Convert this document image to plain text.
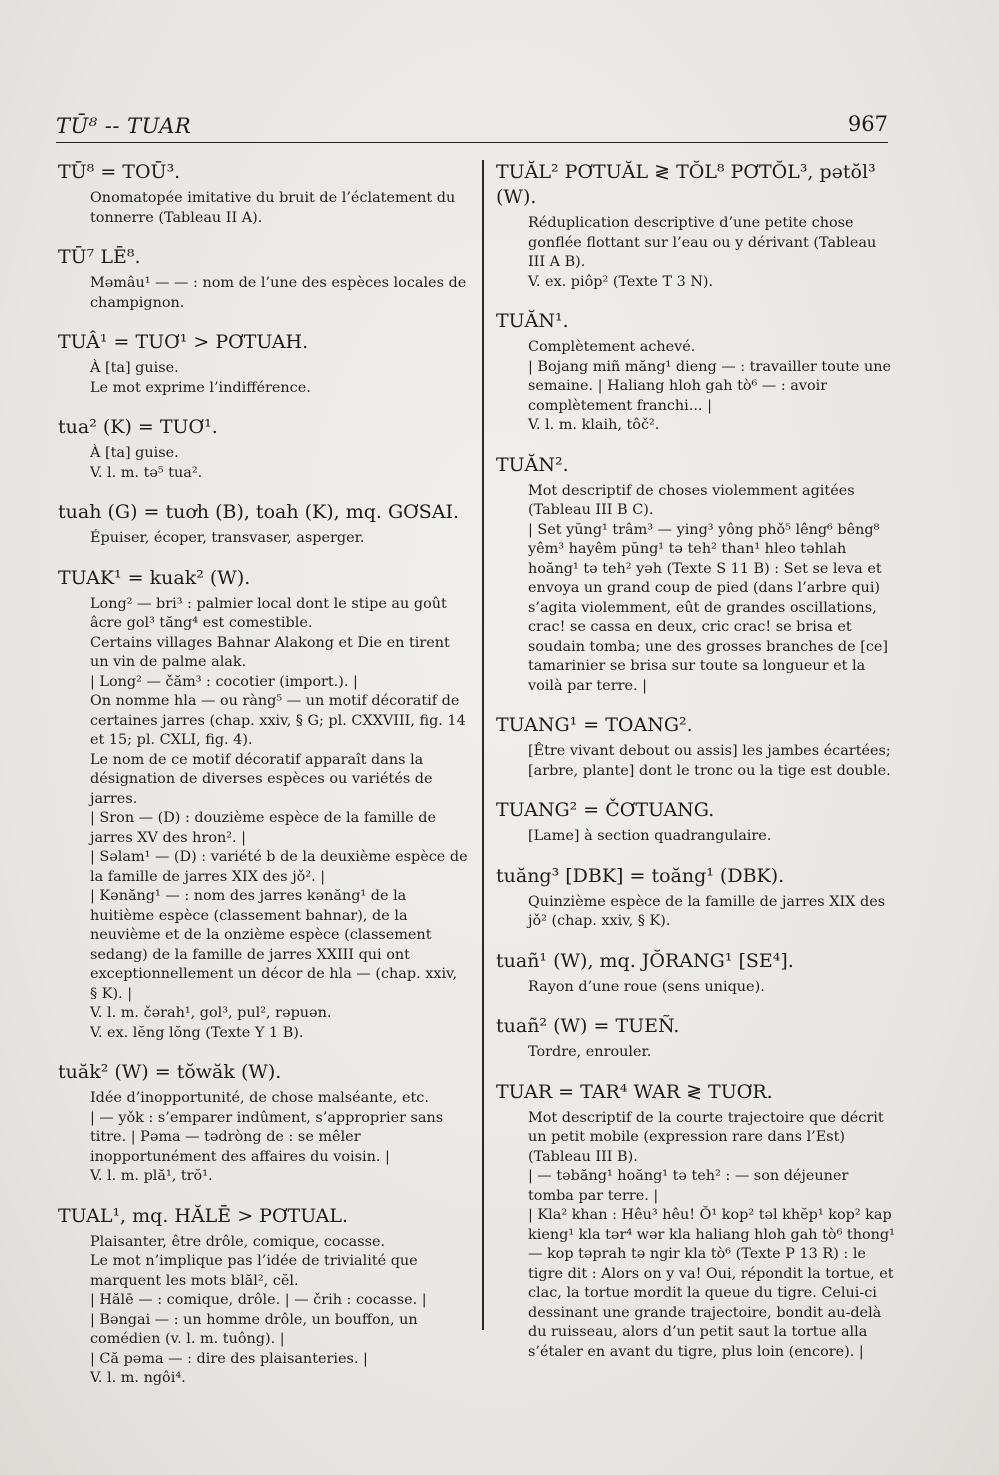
TŪ⁸ -- TUAR	967
TŪ⁸ = TOŪ³.

Onomatopée imitative du bruit de l’éclatement du tonnerre (Tableau II A).

TŪ⁷ LĒ⁸.

Məmâu¹ — — : nom de l’une des espèces locales de champignon.

TUÂ¹ = TUƠ¹ > PƠTUAH.

À [ta] guise.

Le mot exprime l’indifférence.

tua² (K) = TUƠ¹.

À [ta] guise.

V. l. m. tə⁵ tua².

tuah (G) = tuơh (B), toah (K), mq. GƠSAI.

Épuiser, écoper, transvaser, asperger.

TUAK¹ = kuak² (W).

Long² — bri³ : palmier local dont le stipe au goût âcre gol³ tăng⁴ est comestible.

Certains villages Bahnar Alakong et Die en tirent un vin de palme alak.

| Long² — čăm³ : cocotier (import.). |

On nomme hla — ou ràng⁵ — un motif décoratif de certaines jarres (chap. xxiv, § G; pl. CXXVIII, fig. 14 et 15; pl. CXLI, fig. 4).

Le nom de ce motif décoratif apparaît dans la désignation de diverses espèces ou variétés de jarres.

| Sron — (D) : douzième espèce de la famille de jarres XV des hron². |

| Səlam¹ — (D) : variété b de la deuxième espèce de la famille de jarres XIX des jǒ². |

| Kənăng¹ — : nom des jarres kənăng¹ de la huitième espèce (classement bahnar), de la neuvième et de la onzième espèce (classement sedang) de la famille de jarres XXIII qui ont exceptionnellement un décor de hla — (chap. xxiv, § K). |

V. l. m. čərah¹, gol³, pul², rəpuən.

V. ex. lĕng lŏng (Texte Y 1 B).

tuăk² (W) = tŏwăk (W).

Idée d’inopportunité, de chose malséante, etc.

| — yǒk : s’emparer indûment, s’approprier sans titre. | Pəma — tədròng de : se mêler inopportunément des affaires du voisin. |

V. l. m. plă¹, trŏ¹.

TUAL¹, mq. HĂLĒ > PƠTUAL.

Plaisanter, être drôle, comique, cocasse.

Le mot n’implique pas l’idée de trivialité que marquent les mots blăl², cĕl.

| Hălē — : comique, drôle. | — črih : cocasse. |

| Bəngai — : un homme drôle, un bouffon, un comédien (v. l. m. tuông). |

| Că pəma — : dire des plaisanteries. |

V. l. m. ngôi⁴.

TUĂL² PƠTUĂL ≷ TŎL⁸ PƠTŎL³, pətŏl³ (W).

Réduplication descriptive d’une petite chose gonflée flottant sur l’eau ou y dérivant (Tableau III A B).

V. ex. piôp² (Texte T 3 N).

TUĂN¹.

Complètement achevé.

| Bojang miñ măng¹ dieng — : travailler toute une semaine. | Haliang hloh gah tò⁶ — : avoir complètement franchi... |

V. l. m. klaih, tôč².

TUĂN².

Mot descriptif de choses violemment agitées (Tableau III B C).

| Set yŭng¹ trâm³ — ying³ yông phǒ⁵ lêng⁶ bêng⁸ yêm³ hayêm pŭng¹ tə teh² than¹ hleo təhlah hoăng¹ tə teh² yəh (Texte S 11 B) : Set se leva et envoya un grand coup de pied (dans l’arbre qui) s’agita violemment, eût de grandes oscillations, crac! se cassa en deux, cric crac! se brisa et soudain tomba; une des grosses branches de [ce] tamarinier se brisa sur toute sa longueur et la voilà par terre. |

TUANG¹ = TOANG².

[Être vivant debout ou assis] les jambes écartées; [arbre, plante] dont le tronc ou la tige est double.

TUANG² = ČƠTUANG.

[Lame] à section quadrangulaire.

tuăng³ [DBK] = toăng¹ (DBK).

Quinzième espèce de la famille de jarres XIX des jǒ² (chap. xxiv, § K).

tuañ¹ (W), mq. JŎRANG¹ [SE⁴].

Rayon d’une roue (sens unique).

tuañ² (W) = TUEÑ.

Tordre, enrouler.

TUAR = TAR⁴ WAR ≷ TUƠR.

Mot descriptif de la courte trajectoire que décrit un petit mobile (expression rare dans l’Est) (Tableau III B).

| — təbăng¹ hoăng¹ tə teh² : — son déjeuner tomba par terre. |

| Kla² khan : Hêu³ hêu! Ŏ¹ kop² təl khĕp¹ kop² kap kieng¹ kla tər⁴ wər kla haliang hloh gah tò⁶ thong¹ — kop təprah tə ngir kla tò⁶ (Texte P 13 R) : le tigre dit : Alors on y va! Oui, répondit la tortue, et clac, la tortue mordit la queue du tigre. Celui-ci dessinant une grande trajectoire, bondit au-delà du ruisseau, alors d’un petit saut la tortue alla s’étaler en avant du tigre, plus loin (encore). |
